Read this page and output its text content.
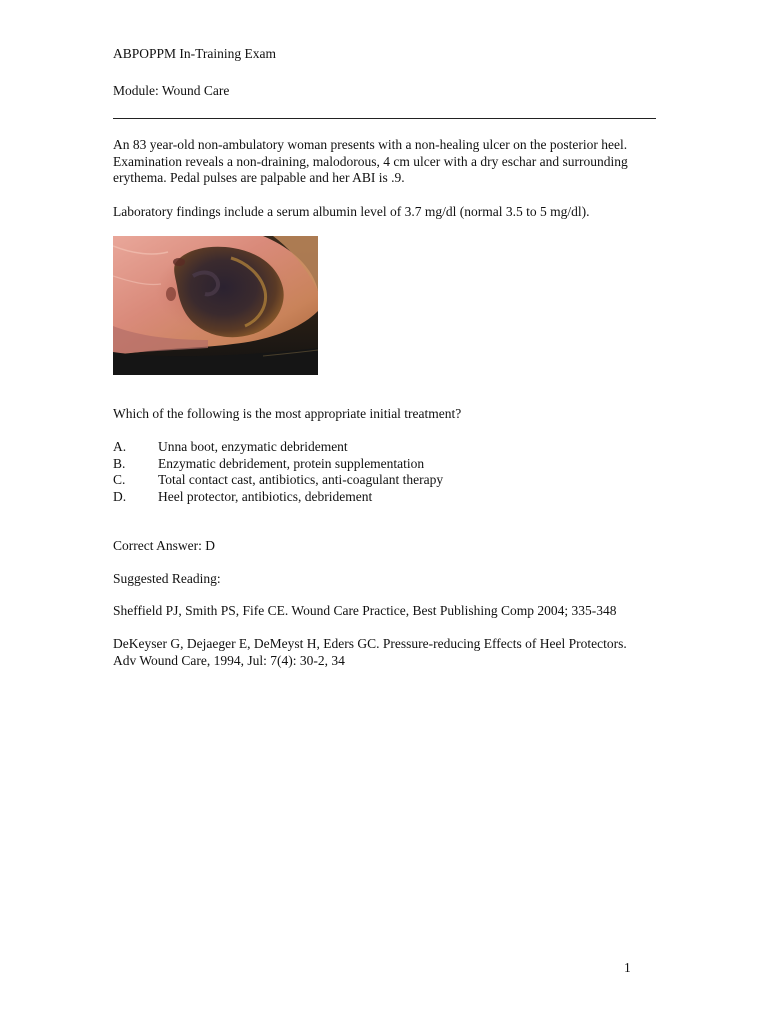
ABPOPPM In-Training Exam
Module: Wound Care
An 83 year-old non-ambulatory woman presents with a non-healing ulcer on the posterior heel.
Examination reveals a non-draining, malodorous, 4 cm ulcer with a dry eschar and surrounding
erythema. Pedal pulses are palpable and her ABI is .9.
Laboratory findings include a serum albumin level of 3.7 mg/dl (normal 3.5 to 5 mg/dl).
Which of the following is the most appropriate initial treatment?
A. Unna boot, enzymatic debridement
B. Enzymatic debridement, protein supplementation
C. Total contact cast, antibiotics, anti-coagulant therapy
D. Heel protector, antibiotics, debridement
Correct Answer: D
Suggested Reading:
Sheffield PJ, Smith PS, Fife CE. Wound Care Practice, Best Publishing Comp 2004; 335-348
DeKeyser G, Dejaeger E, DeMeyst H, Eders GC. Pressure-reducing Effects of Heel Protectors.
Adv Wound Care, 1994, Jul: 7(4): 30-2, 34
1
